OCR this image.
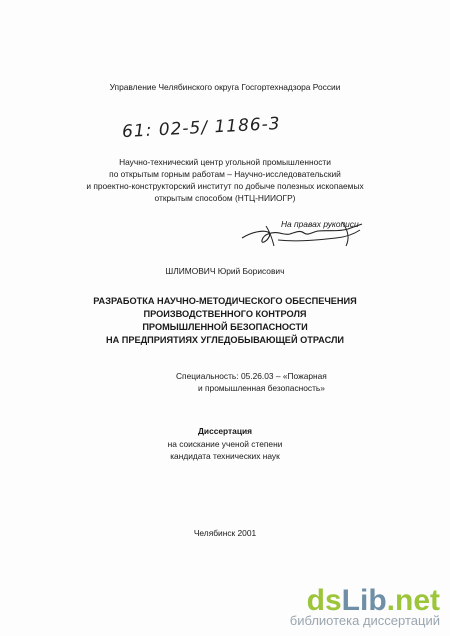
Управление Челябинского округа Госгортехнадзора России
61: 02-5/ 1186-3
Научно-технический центр угольной промышленности
по открытым горным работам – Научно-исследовательский
и проектно-конструкторский институт по добыче полезных ископаемых
открытым способом (НТЦ-НИИОГР)
На правах рукописи
ШЛИМОВИЧ Юрий Борисович
РАЗРАБОТКА НАУЧНО-МЕТОДИЧЕСКОГО ОБЕСПЕЧЕНИЯ
ПРОИЗВОДСТВЕННОГО КОНТРОЛЯ
ПРОМЫШЛЕННОЙ БЕЗОПАСНОСТИ
НА ПРЕДПРИЯТИЯХ УГЛЕДОБЫВАЮЩЕЙ ОТРАСЛИ
Специальность: 05.26.03 – «Пожарная
и промышленная безопасность»
Диссертация
на соискание ученой степени
кандидата технических наук
Челябинск 2001
dsLib.net
библиотека диссертаций
